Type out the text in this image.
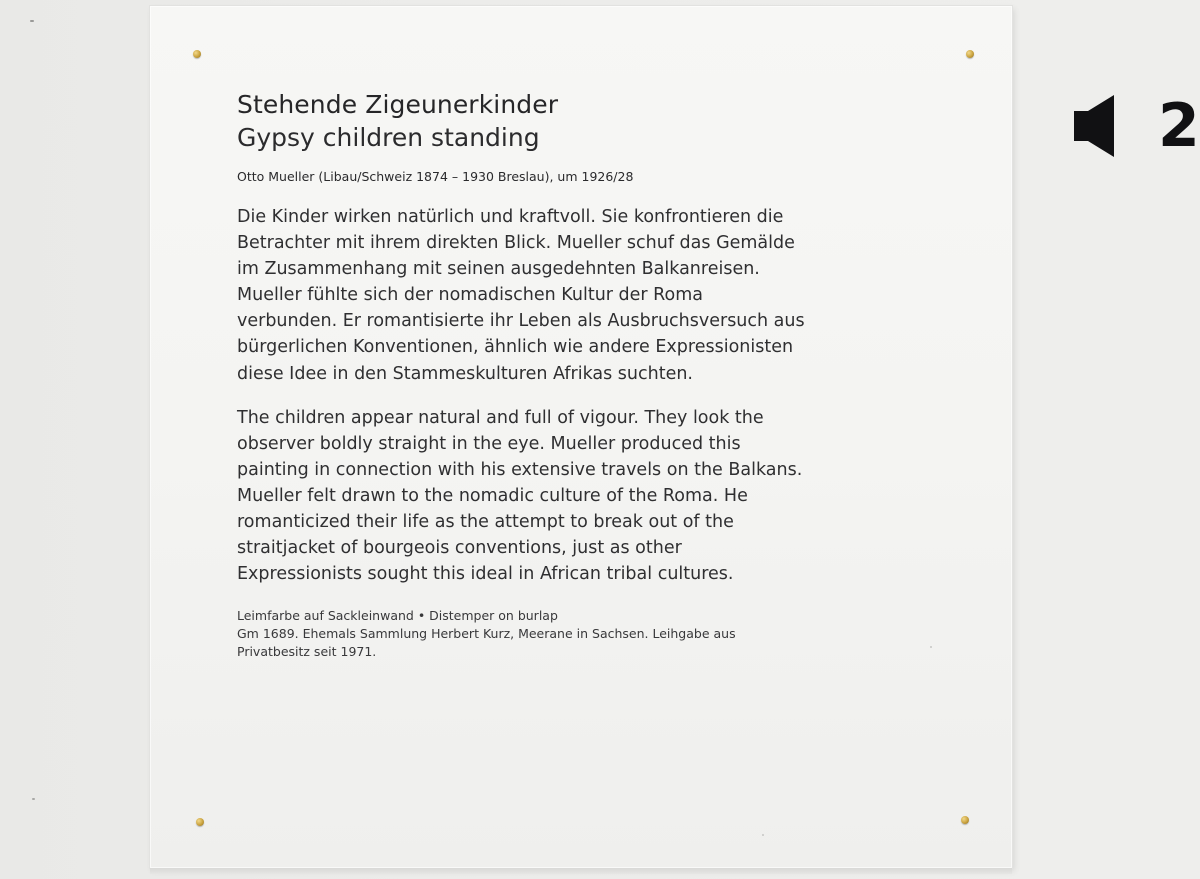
Stehende Zigeunerkinder
Gypsy children standing

Otto Mueller (Libau/Schweiz 1874 – 1930 Breslau), um 1926/28

Die Kinder wirken natürlich und kraftvoll. Sie konfrontieren die
Betrachter mit ihrem direkten Blick. Mueller schuf das Gemälde
im Zusammenhang mit seinen ausgedehnten Balkanreisen.
Mueller fühlte sich der nomadischen Kultur der Roma
verbunden. Er romantisierte ihr Leben als Ausbruchsversuch aus
bürgerlichen Konventionen, ähnlich wie andere Expressionisten
diese Idee in den Stammeskulturen Afrikas suchten.

The children appear natural and full of vigour. They look the
observer boldly straight in the eye. Mueller produced this
painting in connection with his extensive travels on the Balkans.
Mueller felt drawn to the nomadic culture of the Roma. He
romanticized their life as the attempt to break out of the
straitjacket of bourgeois conventions, just as other
Expressionists sought this ideal in African tribal cultures.

Leimfarbe auf Sackleinwand • Distemper on burlap
Gm 1689. Ehemals Sammlung Herbert Kurz, Meerane in Sachsen. Leihgabe aus
Privatbesitz seit 1971.

2
